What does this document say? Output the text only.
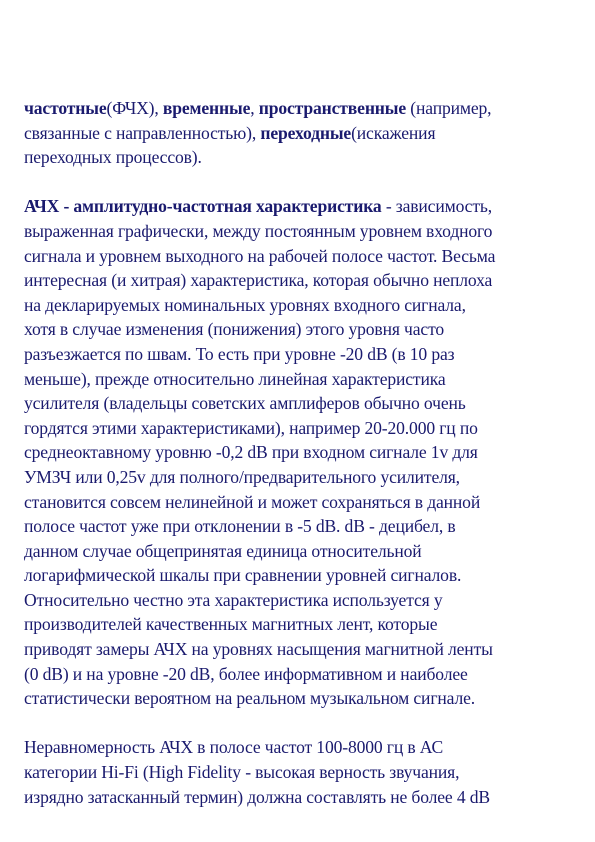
частотные(ФЧХ), временные, пространственные (например,
связанные с направленностью), переходные(искажения
переходных процессов).

АЧХ - амплитудно-частотная характеристика - зависимость,
выраженная графически, между постоянным уровнем входного
сигнала и уровнем выходного на рабочей полосе частот. Весьма
интересная (и хитрая) характеристика, которая обычно неплоха
на декларируемых номинальных уровнях входного сигнала,
хотя в случае изменения (понижения) этого уровня часто
разъезжается по швам. То есть при уровне -20 dB (в 10 раз
меньше), прежде относительно линейная характеристика
усилителя (владельцы советских амплиферов обычно очень
гордятся этими характеристиками), например 20-20.000 гц по
среднеоктавному уровню -0,2 dB при входном сигнале 1v для
УМЗЧ или 0,25v для полного/предварительного усилителя,
становится совсем нелинейной и может сохраняться в данной
полосе частот уже при отклонении в -5 dB. dB - децибел, в
данном случае общепринятая единица относительной
логарифмической шкалы при сравнении уровней сигналов.
Относительно честно эта характеристика используется у
производителей качественных магнитных лент, которые
приводят замеры АЧХ на уровнях насыщения магнитной ленты
(0 dB) и на уровне -20 dB, более информативном и наиболее
статистически вероятном на реальном музыкальном сигнале.

Неравномерность АЧХ в полосе частот 100-8000 гц в АС
категории Hi-Fi (High Fidelity - высокая верность звучания,
изрядно затасканный термин) должна составлять не более 4 dB
